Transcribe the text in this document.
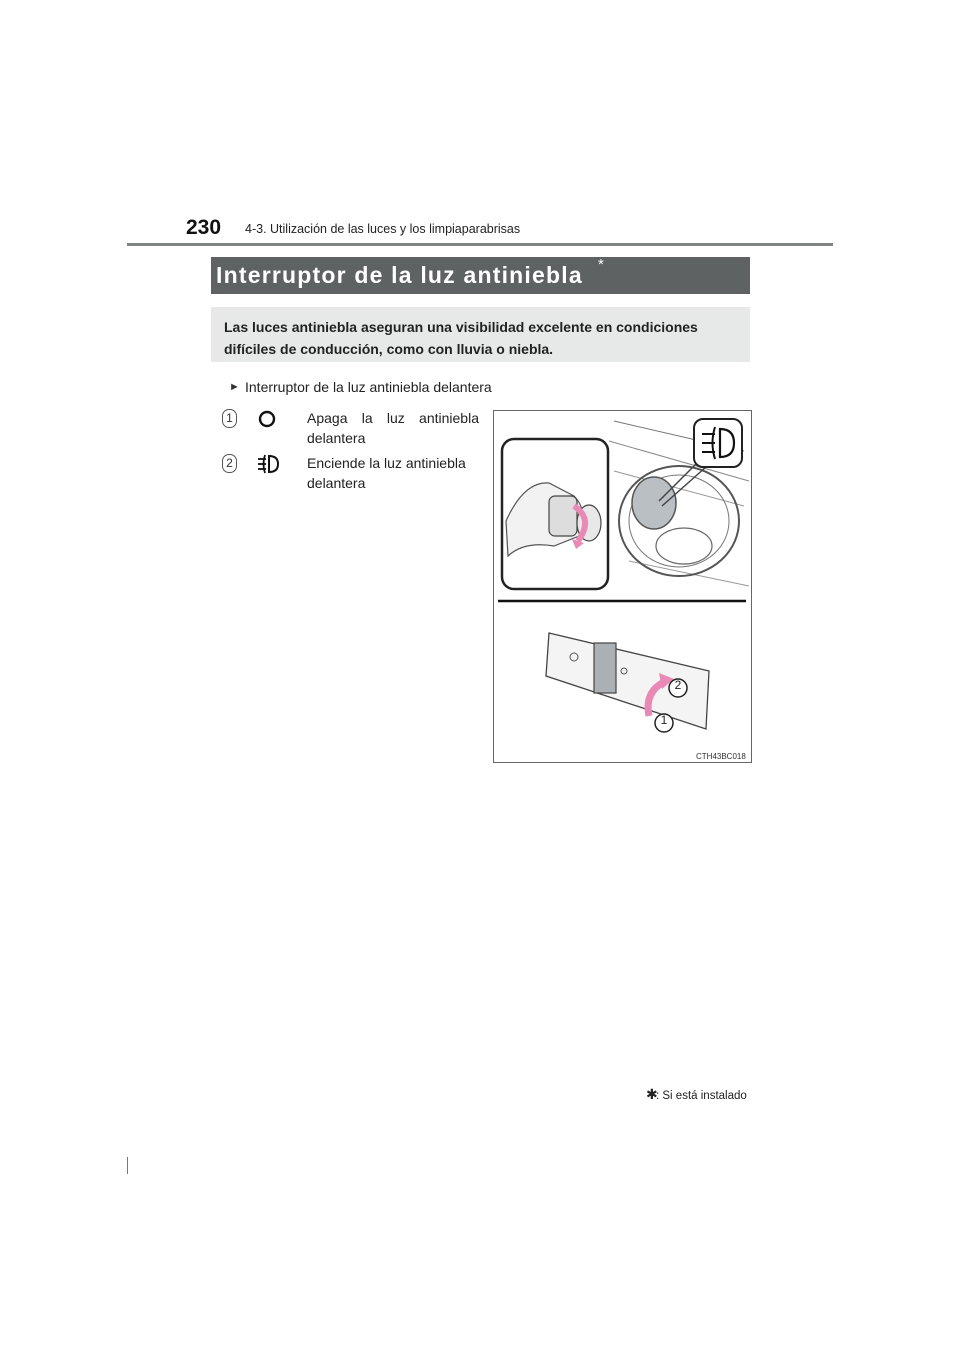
230 4-3. Utilización de las luces y los limpiaparabrisas
Interruptor de la luz antiniebla *
Las luces antiniebla aseguran una visibilidad excelente en condiciones difíciles de conducción, como con lluvia o niebla.
► Interruptor de la luz antiniebla delantera
1	Apaga la luz antiniebla
delantera
2	Enciende la luz antiniebla
delantera
2
1
CTH43BC018
✱
: Si está instalado
